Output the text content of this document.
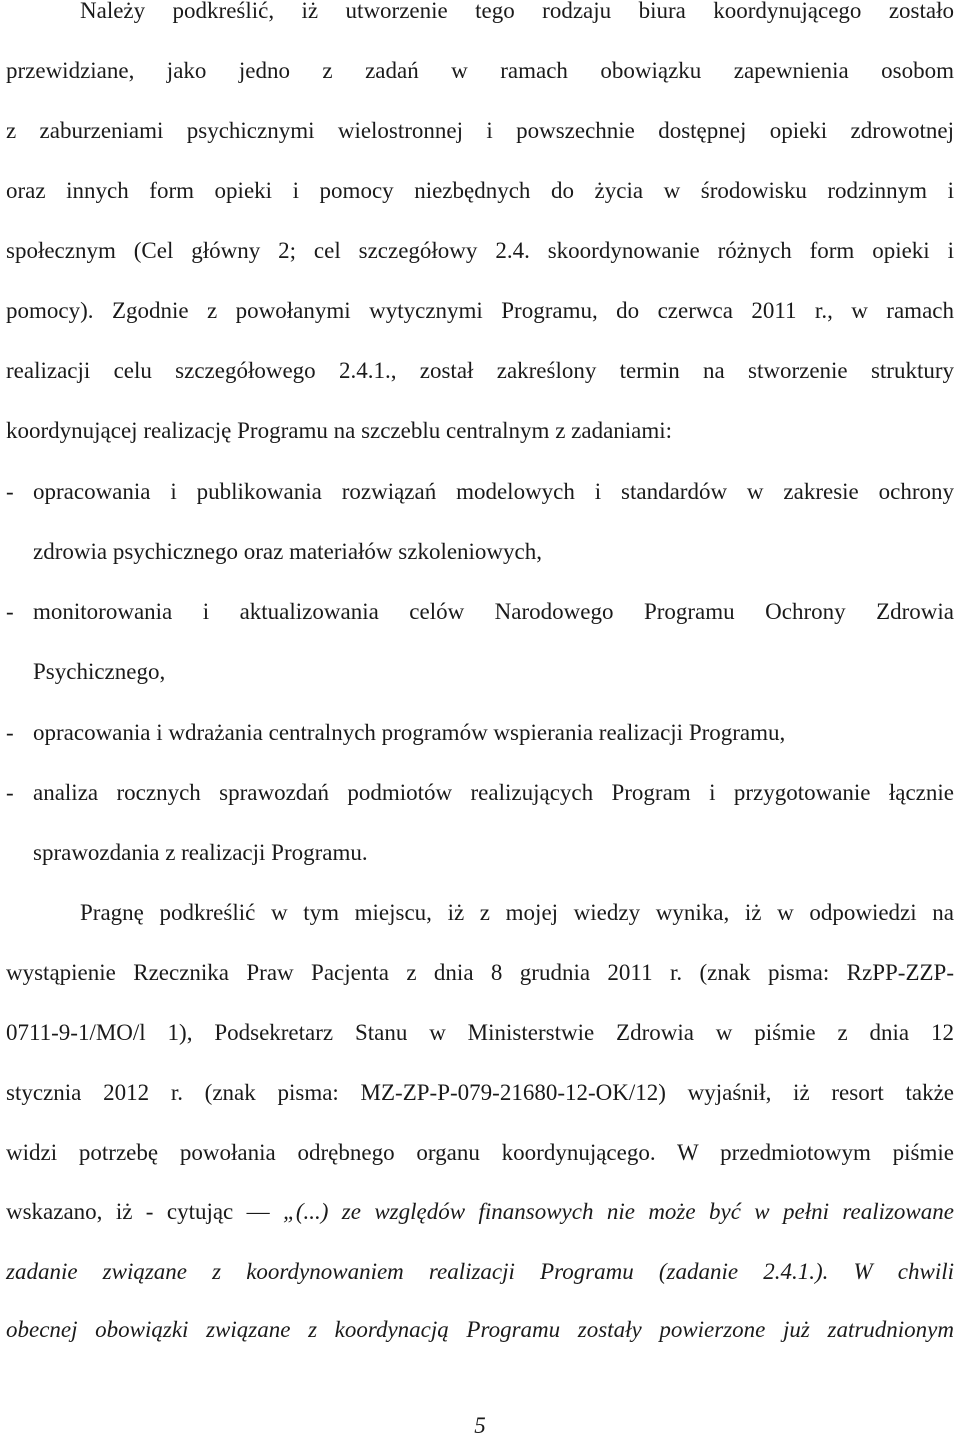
Należy podkreślić, iż utworzenie tego rodzaju biura koordynującego zostało
przewidziane, jako jedno z zadań w ramach obowiązku zapewnienia osobom
z zaburzeniami psychicznymi wielostronnej i powszechnie dostępnej opieki zdrowotnej
oraz innych form opieki i pomocy niezbędnych do życia w środowisku rodzinnym i
społecznym (Cel główny 2; cel szczegółowy 2.4. skoordynowanie różnych form opieki i
pomocy). Zgodnie z powołanymi wytycznymi Programu, do czerwca 2011 r., w ramach
realizacji celu szczegółowego 2.4.1., został zakreślony termin na stworzenie struktury
koordynującej realizację Programu na szczeblu centralnym z zadaniami:
- opracowania i publikowania rozwiązań modelowych i standardów w zakresie ochrony
zdrowia psychicznego oraz materiałów szkoleniowych,
- monitorowania i aktualizowania celów Narodowego Programu Ochrony Zdrowia
Psychicznego,
- opracowania i wdrażania centralnych programów wspierania realizacji Programu,
- analiza rocznych sprawozdań podmiotów realizujących Program i przygotowanie łącznie
sprawozdania z realizacji Programu.
Pragnę podkreślić w tym miejscu, iż z mojej wiedzy wynika, iż w odpowiedzi na
wystąpienie Rzecznika Praw Pacjenta z dnia 8 grudnia 2011 r. (znak pisma: RzPP-ZZP-
0711-9-1/MO/l 1), Podsekretarz Stanu w Ministerstwie Zdrowia w piśmie z dnia 12
stycznia 2012 r. (znak pisma: MZ-ZP-P-079-21680-12-OK/12) wyjaśnił, iż resort także
widzi potrzebę powołania odrębnego organu koordynującego. W przedmiotowym piśmie
wskazano, iż - cytując — „(...) ze względów finansowych nie może być w pełni realizowane
zadanie związane z koordynowaniem realizacji Programu (zadanie 2.4.1.). W chwili
obecnej obowiązki związane z koordynacją Programu zostały powierzone już zatrudnionym
5
